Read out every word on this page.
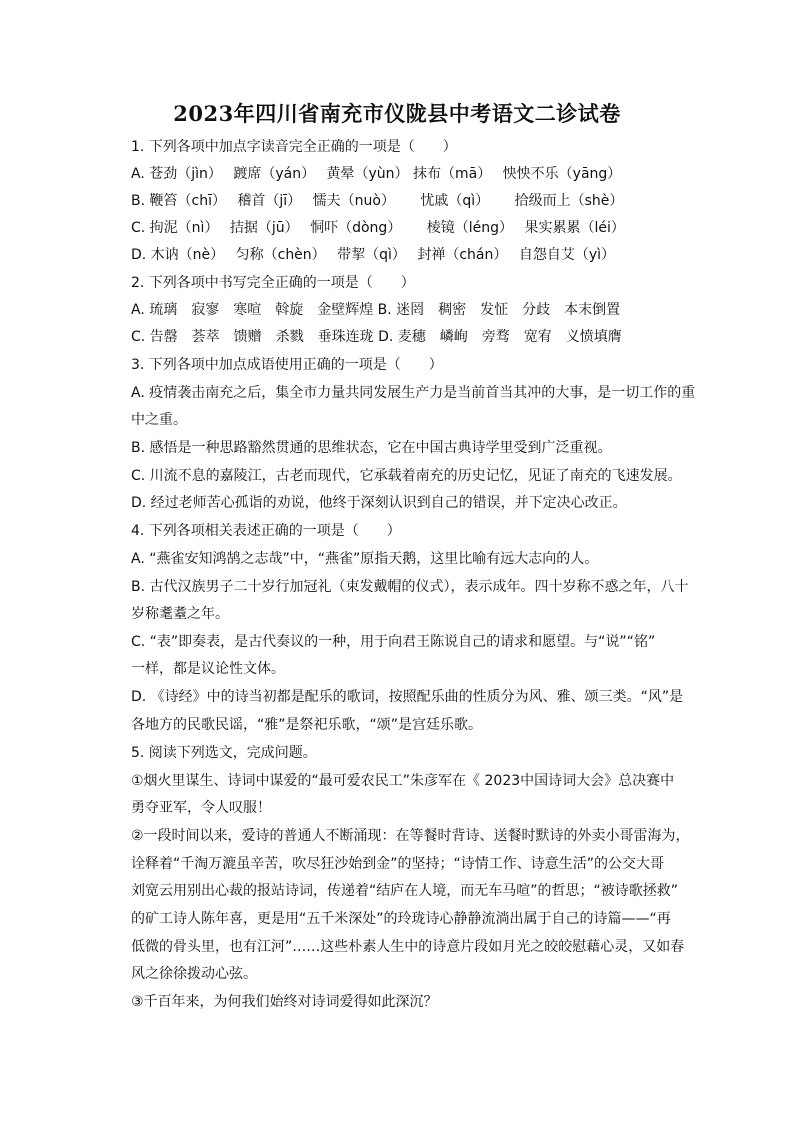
2023年四川省南充市仪陇县中考语文二诊试卷
1. 下列各项中加点字读音完全正确的一项是（　　）
A. 苍劲（jìn）　 踱席（yán）　 黄晕（yùn） 抹布（mā）　 怏怏不乐（yāng）
B. 鞭笞（chī）　 稽首（jī）　 懦夫（nuò）　　 忧戚（qì）　　 拾级而上（shè）
C. 拘泥（nì）　 拮据（jū）　 恫吓（dòng）　　 棱镜（léng）　 果实累累（léi）
D. 木讷（nè）　 匀称（chèn）　 带挈（qì）　 封禅（chán）　 自怨自艾（yì）
2. 下列各项中书写完全正确的一项是（　　）
A. 琉璃　寂寥　寒喧　斡旋　金壁辉煌 B. 迷罔　稠密　发怔　分歧　本末倒置
C. 告罄　荟萃　馈赠　杀戮　垂珠连珑 D. 麦穗　嶙峋　旁骛　宽宥　义愤填膺
3. 下列各项中加点成语使用正确的一项是（　　）
A. 疫情袭击南充之后，集全市力量共同发展生产力是当前首当其冲的大事，是一切工作的重
中之重。
B. 感悟是一种思路豁然贯通的思维状态，它在中国古典诗学里受到广泛重视。
C. 川流不息的嘉陵江，古老而现代，它承载着南充的历史记忆，见证了南充的飞速发展。
D. 经过老师苦心孤诣的劝说，他终于深刻认识到自己的错误，并下定决心改正。
4. 下列各项相关表述正确的一项是（　　）
A. “燕雀安知鸿鹄之志哉”中，“燕雀”原指天鹅，这里比喻有远大志向的人。
B. 古代汉族男子二十岁行加冠礼（束发戴帽的仪式），表示成年。四十岁称不惑之年，八十
岁称耄耋之年。
C. “表”即奏表，是古代奏议的一种，用于向君王陈说自己的请求和愿望。与“说”“铭”
一样，都是议论性文体。
D. 《诗经》中的诗当初都是配乐的歌词，按照配乐曲的性质分为风、雅、颂三类。“风”是
各地方的民歌民谣，“雅”是祭祀乐歌，“颂”是宫廷乐歌。
5. 阅读下列选文，完成问题。
①烟火里谋生、诗词中谋爱的“最可爱农民工”朱彦军在《 2023中国诗词大会》总决赛中
勇夺亚军，令人叹服！
②一段时间以来，爱诗的普通人不断涌现：在等餐时背诗、送餐时默诗的外卖小哥雷海为，
诠释着“千淘万漉虽辛苦，吹尽狂沙始到金”的坚持；“诗情工作、诗意生活”的公交大哥
刘宽云用别出心裁的报站诗词，传递着“结庐在人境，而无车马喧”的哲思；“被诗歌拯救”
的矿工诗人陈年喜，更是用“五千米深处”的玲珑诗心静静流淌出属于自己的诗篇——“再
低微的骨头里，也有江河”……这些朴素人生中的诗意片段如月光之皎皎慰藉心灵，又如春
风之徐徐拨动心弦。
③千百年来，为何我们始终对诗词爱得如此深沉？
